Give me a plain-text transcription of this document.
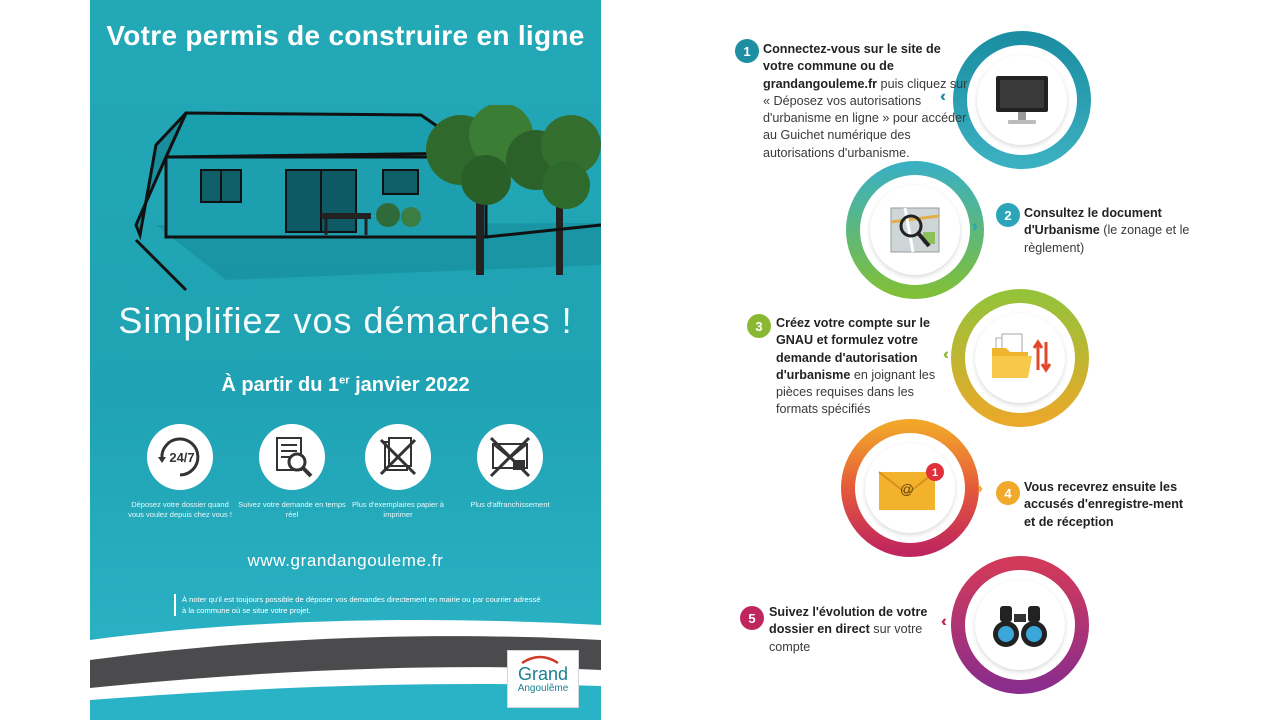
Votre permis de construire en ligne
Simplifiez vos démarches !
À partir du 1er janvier 2022
24/7
Déposez votre dossier quand vous voulez depuis chez vous !
Suivez votre demande en temps réel
Plus d'exemplaires papier à imprimer
Plus d'affranchissement
www.grandangouleme.fr
À noter qu'il est toujours possible de déposer vos demandes directement en mairie ou par courrier adressé à la commune où se situe votre projet.
Grand
Angoulême
@
1
‹‹‹
›››
‹‹‹
›››
‹‹‹
1 Connectez-vous sur le site de votre commune ou de grandangouleme.fr puis cliquez sur « Déposez vos autorisations d'urbanisme en ligne » pour accéder au Guichet numérique des autorisations d'urbanisme.
2 Consultez le document d'Urbanisme (le zonage et le règlement)
3	Créez votre compte sur le GNAU et formulez votre demande d'autorisation d'urbanisme en joignant les pièces requises dans les formats spécifiés
4 Vous recevrez ensuite les accusés d'enregistre-ment et de réception
5	Suivez l'évolution de votre dossier en direct sur votre compte
